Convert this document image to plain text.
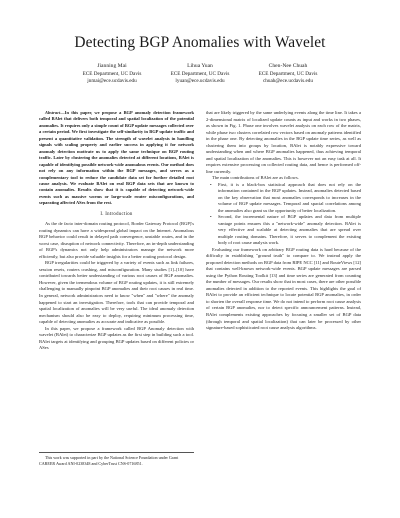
Detecting BGP Anomalies with Wavelet
Jianning Mai
ECE Department, UC Davis
jnmai@ece.ucdavis.edu
Lihua Yuan
ECE Department, UC Davis
lyuan@ece.ucdavis.edu
Chen-Nee Chuah
ECE Department, UC Davis
chuah@ece.ucdavis.edu

Abstract—In this paper, we propose a BGP anomaly detection framework called BAlet that delivers both temporal and spatial localization of the potential anomalies. It requires only a simple count of BGP update messages collected over a certain period. We first investigate the self-similarity in BGP update traffic and present a quantitative validation. The strength of wavelet analysis in handling signals with scaling property and earlier success in applying it for network anomaly detection motivate us to apply the same technique on BGP routing traffic. Later by clustering the anomalies detected at different locations, BAlet is capable of identifying possible network-wide anomalous events. Our method does not rely on any information within the BGP messages, and serves as a complementary tool to reduce the candidate data set for further detailed root cause analysis. We evaluate BAlet on real BGP data sets that are known to contain anomalies. Results show that it is capable of detecting network-wide events such as massive worms or large-scale router misconfigurations, and separating affected ASes from the rest.

I. Introduction

As the de facto inter-domain routing protocol, Border Gateway Protocol (BGP)'s routing dynamics can have a widespread global impact on the Internet. Anomalous BGP behavior could result in delayed path convergence, unstable routes, and in the worst case, disruption of network connectivity. Therefore, an in-depth understanding of BGP's dynamics not only help administrators manage the network more efficiently, but also provide valuable insights for a better routing protocol design.

BGP irregularities could be triggered by a variety of events such as link failures, session resets, routers crashing, and misconfiguration. Many studies [1]–[10] have contributed towards better understanding of various root causes of BGP anomalies. However, given the tremendous volume of BGP routing updates, it is still extremely challenging to manually pinpoint BGP anomalies and their root causes in real time. In general, network administrators need to know "when" and "where" the anomaly happened to start an investigation. Therefore, tools that can provide temporal and spatial localization of anomalies will be very useful. The ideal anomaly detection mechanism should also be easy to deploy, requiring minimum processing time, capable of detecting anomalies as accurate and indicative as possible.

In this paper, we propose a framework called BGP Anomaly detection with wavelet (BAlet) to characterize BGP updates as the first step in building such a tool. BAlet targets at identifying and grouping BGP updates based on different policies or ASes

This work was supported in part by the National Science Foundation under Grant CAREER Award ANI-0238348 and CyberTrust CNS-0716851.

that are likely triggered by the same underlying events along the time line. It takes a 2-dimensional matrix of localized update counts as input and works in two phases, as shown in Fig. 1. Phase one involves wavelet analysis on each row of the matrix, while phase two clusters correlated row vectors based on anomaly patterns identified in the phase one. By detecting anomalies in the BGP update time series, as well as clustering them into groups by location, BAlet is notably expressive toward understanding when and where BGP anomalies happened, thus achieving temporal and spatial localization of the anomalies. This is however not an easy task at all. It requires extensive processing on collected routing data, and hence is performed off-line currently.

The main contributions of BAlet are as follows.

• First, it is a black-box statistical approach that does not rely on the information contained in the BGP updates. Instead, anomalies detected based on the key observation that most anomalies corresponds to increases in the volume of BGP update messages. Temporal and spacial correlations among the anomalies also grant us the opportunity of better localization.
• Second, the incremental nature of BGP updates and data from multiple vantage points ensures this a "network-wide" anomaly detection. BAlet is very effective and scalable at detecting anomalies that are spread over multiple routing domains. Therefore, it serves to complement the existing body of root cause analysis work.

Evaluating our framework on arbitrary BGP routing data is hard because of the difficulty in establishing "ground truth" to compare to. We instead apply the proposed detection methods on BGP data from RIPE NCC [11] and RouteViews [12] that contains well-known network-wide events. BGP update messages are parsed using the Python Routing Toolkit [13] and time series are generated from counting the number of messages. Our results show that in most cases, there are other possible anomalies detected in addition to the reported events. This highlights the goal of BAlet to provide an efficient technique to locate potential BGP anomalies, in order to shorten the overall response time. We do not intend to perform root cause analysis of certain BGP anomalies, nor to detect specific announcement patterns. Instead, BAlet complements existing approaches by focusing a smaller set of BGP data (through temporal and spatial localization) that can later be processed by other signature-based sophisticated root cause analysis algorithms.
